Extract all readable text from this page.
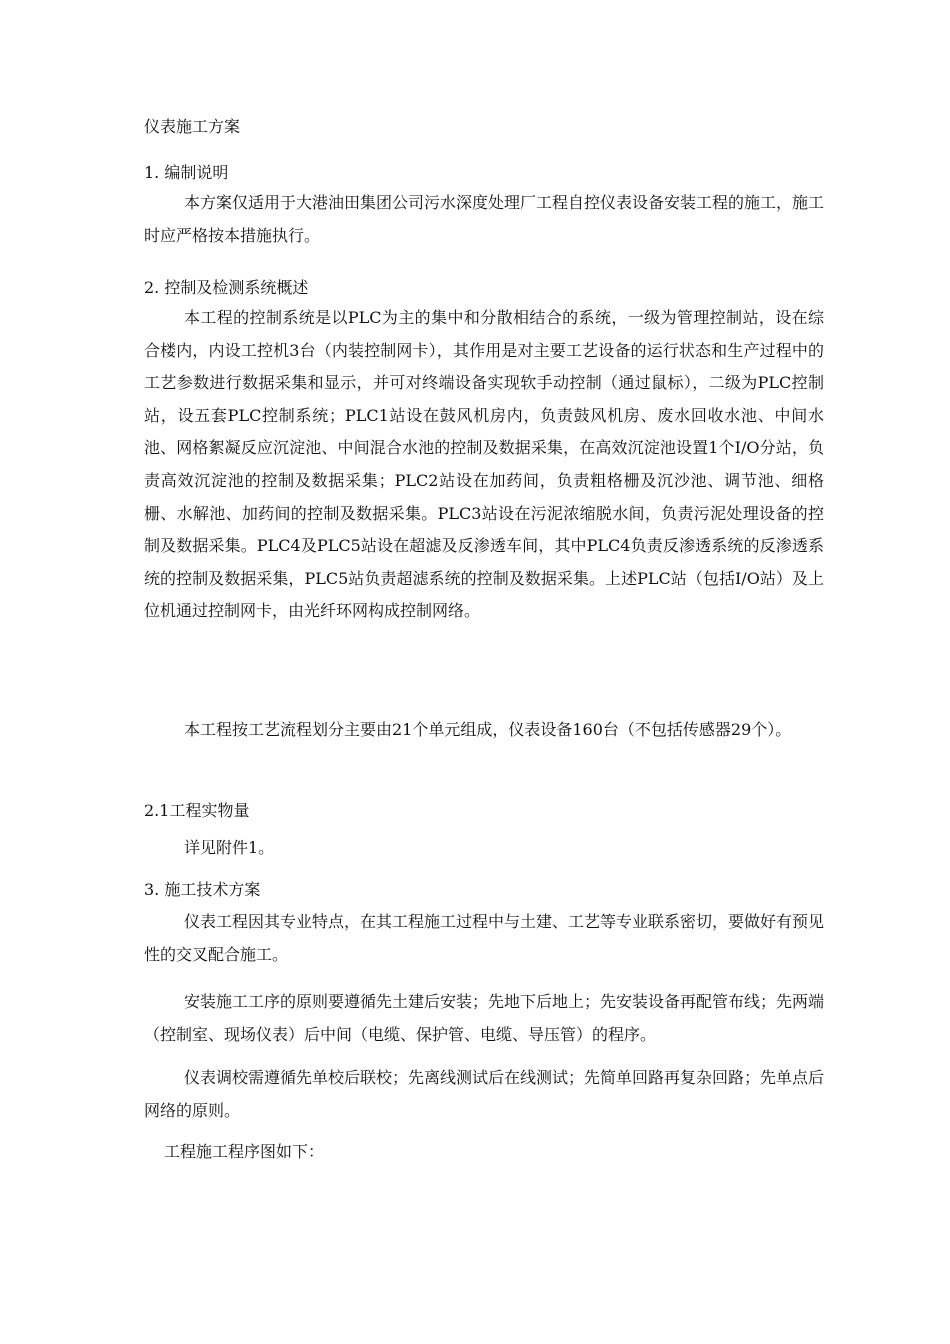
仪表施工方案
1. 编制说明

本方案仅适用于大港油田集团公司污水深度处理厂工程自控仪表设备安装工程的施工，施工时应严格按本措施执行。

2. 控制及检测系统概述

本工程的控制系统是以PLC为主的集中和分散相结合的系统，一级为管理控制站，设在综合楼内，内设工控机3台（内装控制网卡），其作用是对主要工艺设备的运行状态和生产过程中的工艺参数进行数据采集和显示，并可对终端设备实现软手动控制（通过鼠标），二级为PLC控制站，设五套PLC控制系统；PLC1站设在鼓风机房内，负责鼓风机房、废水回收水池、中间水池、网格絮凝反应沉淀池、中间混合水池的控制及数据采集，在高效沉淀池设置1个I/O分站，负责高效沉淀池的控制及数据采集；PLC2站设在加药间，负责粗格栅及沉沙池、调节池、细格栅、水解池、加药间的控制及数据采集。PLC3站设在污泥浓缩脱水间，负责污泥处理设备的控制及数据采集。PLC4及PLC5站设在超滤及反渗透车间，其中PLC4负责反渗透系统的反渗透系统的控制及数据采集，PLC5站负责超滤系统的控制及数据采集。上述PLC站（包括I/O站）及上位机通过控制网卡，由光纤环网构成控制网络。

本工程按工艺流程划分主要由21个单元组成，仪表设备160台（不包括传感器29个）。

2.1工程实物量

详见附件1。

3. 施工技术方案

仪表工程因其专业特点，在其工程施工过程中与土建、工艺等专业联系密切，要做好有预见性的交叉配合施工。

安装施工工序的原则要遵循先土建后安装；先地下后地上；先安装设备再配管布线；先两端（控制室、现场仪表）后中间（电缆、保护管、电缆、导压管）的程序。

仪表调校需遵循先单校后联校；先离线测试后在线测试；先简单回路再复杂回路；先单点后网络的原则。

工程施工程序图如下：
